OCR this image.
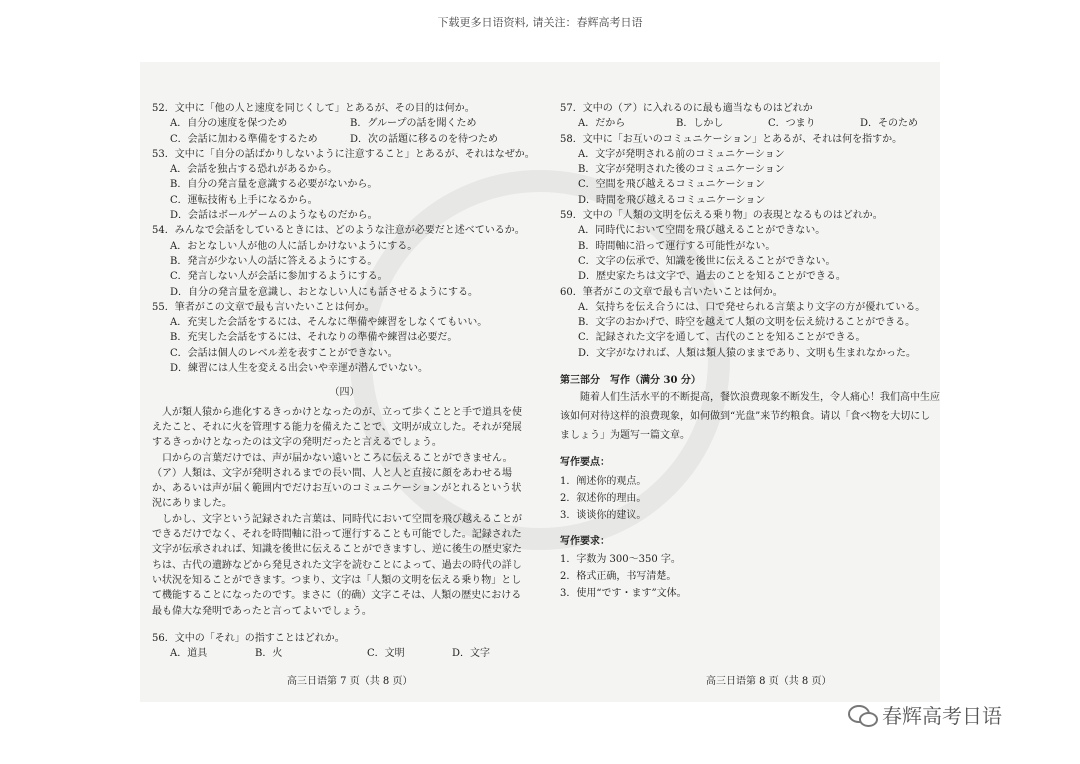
下载更多日语资料, 请关注：春辉高考日语

52．文中に「他の人と速度を同じくして」とあるが、その目的は何か。

A．自分の速度を保つため	B．グループの話を聞くため
C．会話に加わる準備をするため	D．次の話題に移るのを待つため

53．文中に「自分の話ばかりしないように注意すること」とあるが、それはなぜか。

A．会話を独占する恐れがあるから。

B．自分の発言量を意識する必要がないから。

C．運転技術も上手になるから。

D．会話はボールゲームのようなものだから。

54．みんなで会話をしているときには、どのような注意が必要だと述べているか。

A．おとなしい人が他の人に話しかけないようにする。

B．発言が少ない人の話に答えるようにする。

C．発言しない人が会話に参加するようにする。

D．自分の発言量を意識し、おとなしい人にも話させるようにする。

55．筆者がこの文章で最も言いたいことは何か。

A．充実した会話をするには、そんなに準備や練習をしなくてもいい。

B．充実した会話をするには、それなりの準備や練習は必要だ。

C．会話は個人のレベル差を表すことができない。

D．練習には人生を変える出会いや幸運が潜んでいない。

（四）

人が類人猿から進化するきっかけとなったのが、立って歩くことと手で道具を使えたこと、それに火を管理する能力を備えたことで、文明が成立した。それが発展するきっかけとなったのは文字の発明だったと言えるでしょう。

口からの言葉だけでは、声が届かない遠いところに伝えることができません。（ア）人類は、文字が発明されるまでの長い間、人と人と直接に顔をあわせる場か、あるいは声が届く範囲内でだけお互いのコミュニケーションがとれるという状況にありました。

しかし、文字という記録された言葉は、同時代において空間を飛び越えることができるだけでなく、それを時間軸に沿って運行することも可能でした。記録された文字が伝承されれば、知識を後世に伝えることができますし、逆に後生の歴史家たちは、古代の遺跡などから発見された文字を読むことによって、過去の時代の詳しい状況を知ることができます。つまり、文字は「人類の文明を伝える乗り物」として機能することになったのです。まさに（的确）文字こそは、人類の歴史における最も偉大な発明であったと言ってよいでしょう。

56．文中の「それ」の指すことはどれか。

A．道具	B．火	C．文明	D．文字
高三日语第 7 页（共 8 页）

57．文中の（ア）に入れるのに最も適当なものはどれか

A．だから	B．しかし	C．つまり	D．そのため

58．文中に「お互いのコミュニケーション」とあるが、それは何を指すか。

A．文字が発明される前のコミュニケーション

B．文字が発明された後のコミュニケーション

C．空間を飛び越えるコミュニケーション

D．時間を飛び越えるコミュニケーション

59．文中の「人類の文明を伝える乗り物」の表現となるものはどれか。

A．同時代において空間を飛び越えることができない。

B．時間軸に沿って運行する可能性がない。

C．文字の伝承で、知識を後世に伝えることができない。

D．歴史家たちは文字で、過去のことを知ることができる。

60．筆者がこの文章で最も言いたいことは何か。

A．気持ちを伝え合うには、口で発せられる言葉より文字の方が優れている。

B．文字のおかげで、時空を越えて人類の文明を伝え続けることができる。

C．記録された文字を通して、古代のことを知ることができる。

D．文字がなければ、人類は類人猿のままであり、文明も生まれなかった。

第三部分　写作（满分 30 分）

随着人们生活水平的不断提高，餐饮浪费现象不断发生，令人痛心！我们高中生应该如何对待这样的浪费现象，如何做到“光盘”来节约粮食。请以「食べ物を大切にしましょう」为题写一篇文章。

写作要点：

1．阐述你的观点。

2．叙述你的理由。

3．谈谈你的建议。

写作要求：

1．字数为 300～350 字。

2．格式正确，书写清楚。

3．使用“です・ます”文体。

高三日语第 8 页（共 8 页）
春辉高考日语
